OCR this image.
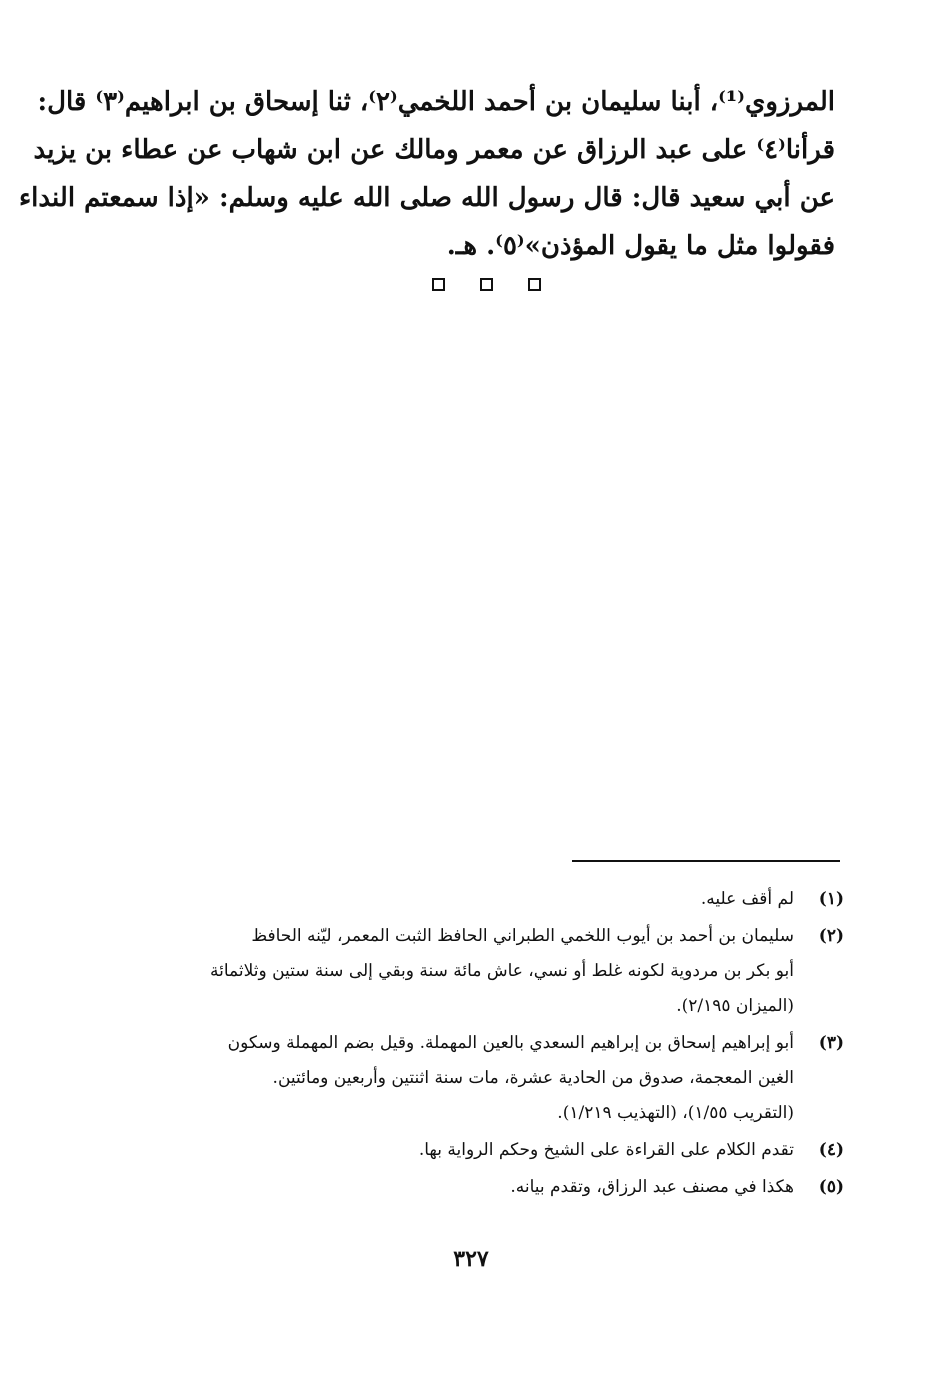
المرزوي⁽¹⁾، أبنا سليمان بن أحمد اللخمي⁽٢⁾، ثنا إسحاق بن ابراهيم⁽٣⁾ قال:
قرأنا⁽٤⁾ على عبد الرزاق عن معمر ومالك عن ابن شهاب عن عطاء بن يزيد
عن أبي سعيد قال: قال رسول الله صلى الله عليه وسلم: «إذا سمعتم النداء
فقولوا مثل ما يقول المؤذن»⁽٥⁾. هـ.
(١)
لم أقف عليه.
(٢)
سليمان بن أحمد بن أيوب اللخمي الطبراني الحافظ الثبت المعمر، ليّنه الحافظ
أبو بكر بن مردوية لكونه غلط أو نسي، عاش مائة سنة وبقي إلى سنة ستين وثلاثمائة
(الميزان ٢/١٩٥).
(٣)
أبو إبراهيم إسحاق بن إبراهيم السعدي بالعين المهملة. وقيل بضم المهملة وسكون
الغين المعجمة، صدوق من الحادية عشرة، مات سنة اثنتين وأربعين ومائتين.
(التقريب ١/٥٥)، (التهذيب ١/٢١٩).
(٤)
تقدم الكلام على القراءة على الشيخ وحكم الرواية بها.
(٥)
هكذا في مصنف عبد الرزاق، وتقدم بيانه.
٣٢٧
